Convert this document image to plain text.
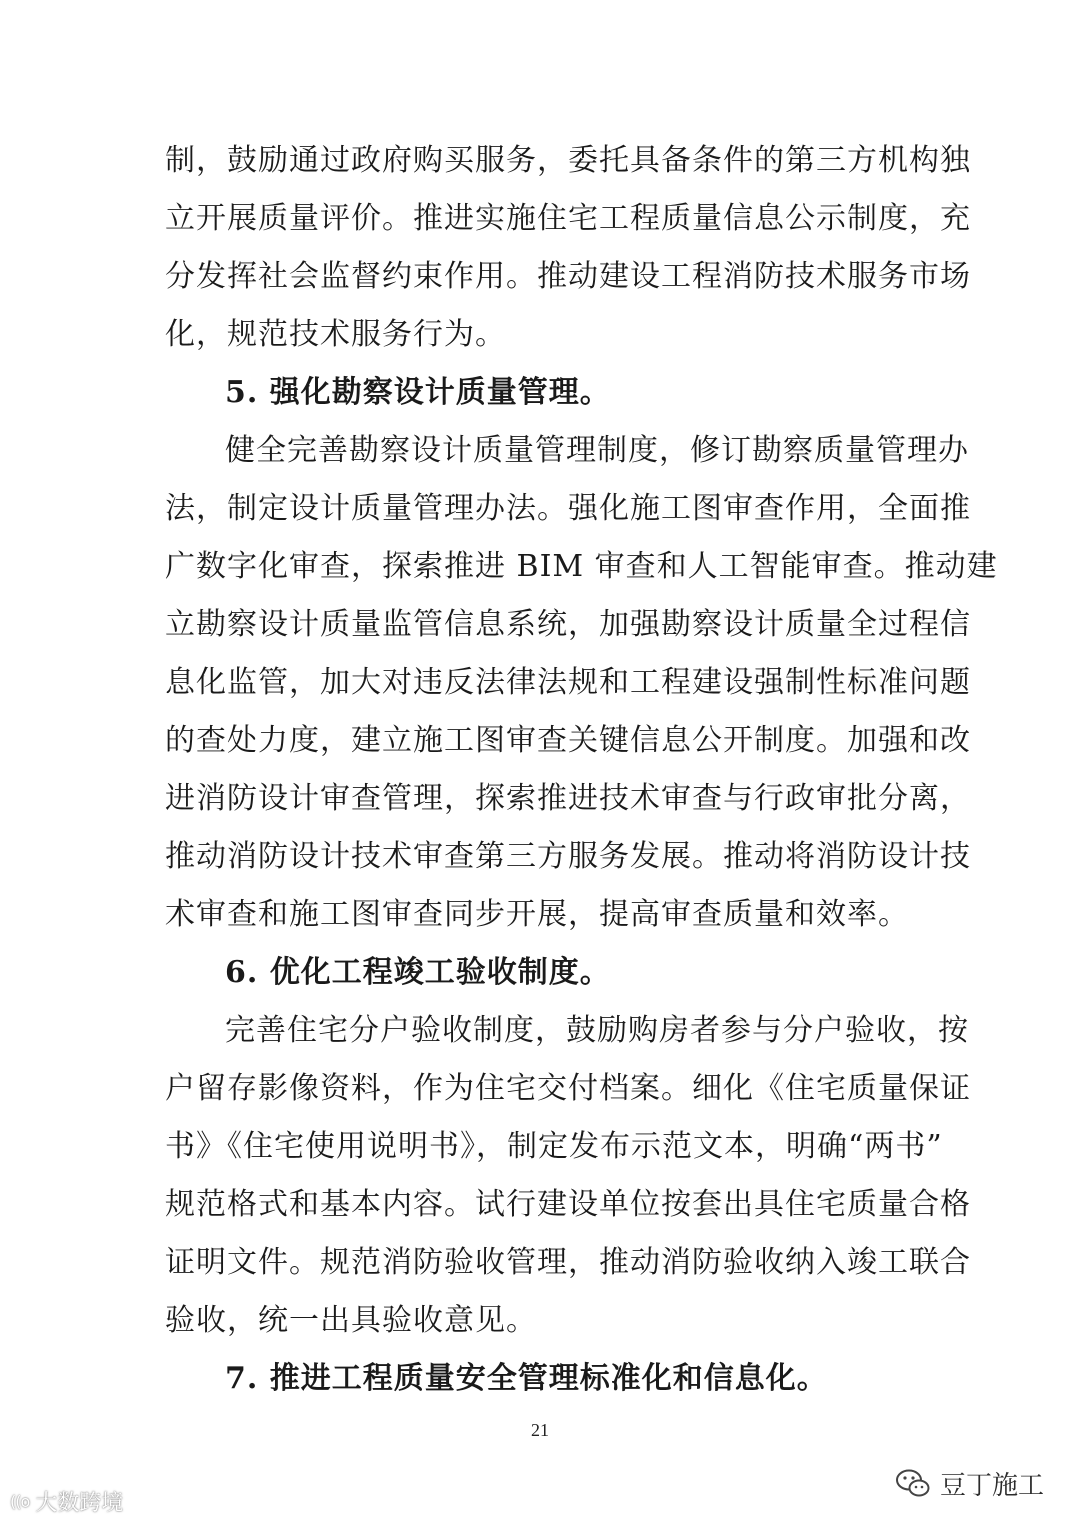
制，鼓励通过政府购买服务，委托具备条件的第三方机构独
立开展质量评价。推进实施住宅工程质量信息公示制度，充
分发挥社会监督约束作用。推动建设工程消防技术服务市场
化，规范技术服务行为。
5. 强化勘察设计质量管理。
健全完善勘察设计质量管理制度，修订勘察质量管理办
法，制定设计质量管理办法。强化施工图审查作用，全面推
广数字化审查，探索推进 BIM 审查和人工智能审查。推动建
立勘察设计质量监管信息系统，加强勘察设计质量全过程信
息化监管，加大对违反法律法规和工程建设强制性标准问题
的查处力度，建立施工图审查关键信息公开制度。加强和改
进消防设计审查管理，探索推进技术审查与行政审批分离，
推动消防设计技术审查第三方服务发展。推动将消防设计技
术审查和施工图审查同步开展，提高审查质量和效率。
6. 优化工程竣工验收制度。
完善住宅分户验收制度，鼓励购房者参与分户验收，按
户留存影像资料，作为住宅交付档案。细化《住宅质量保证
书》《住宅使用说明书》，制定发布示范文本，明确“两书”
规范格式和基本内容。试行建设单位按套出具住宅质量合格
证明文件。规范消防验收管理，推动消防验收纳入竣工联合
验收，统一出具验收意见。
7. 推进工程质量安全管理标准化和信息化。
21
((o 大数跨境
豆丁施工
